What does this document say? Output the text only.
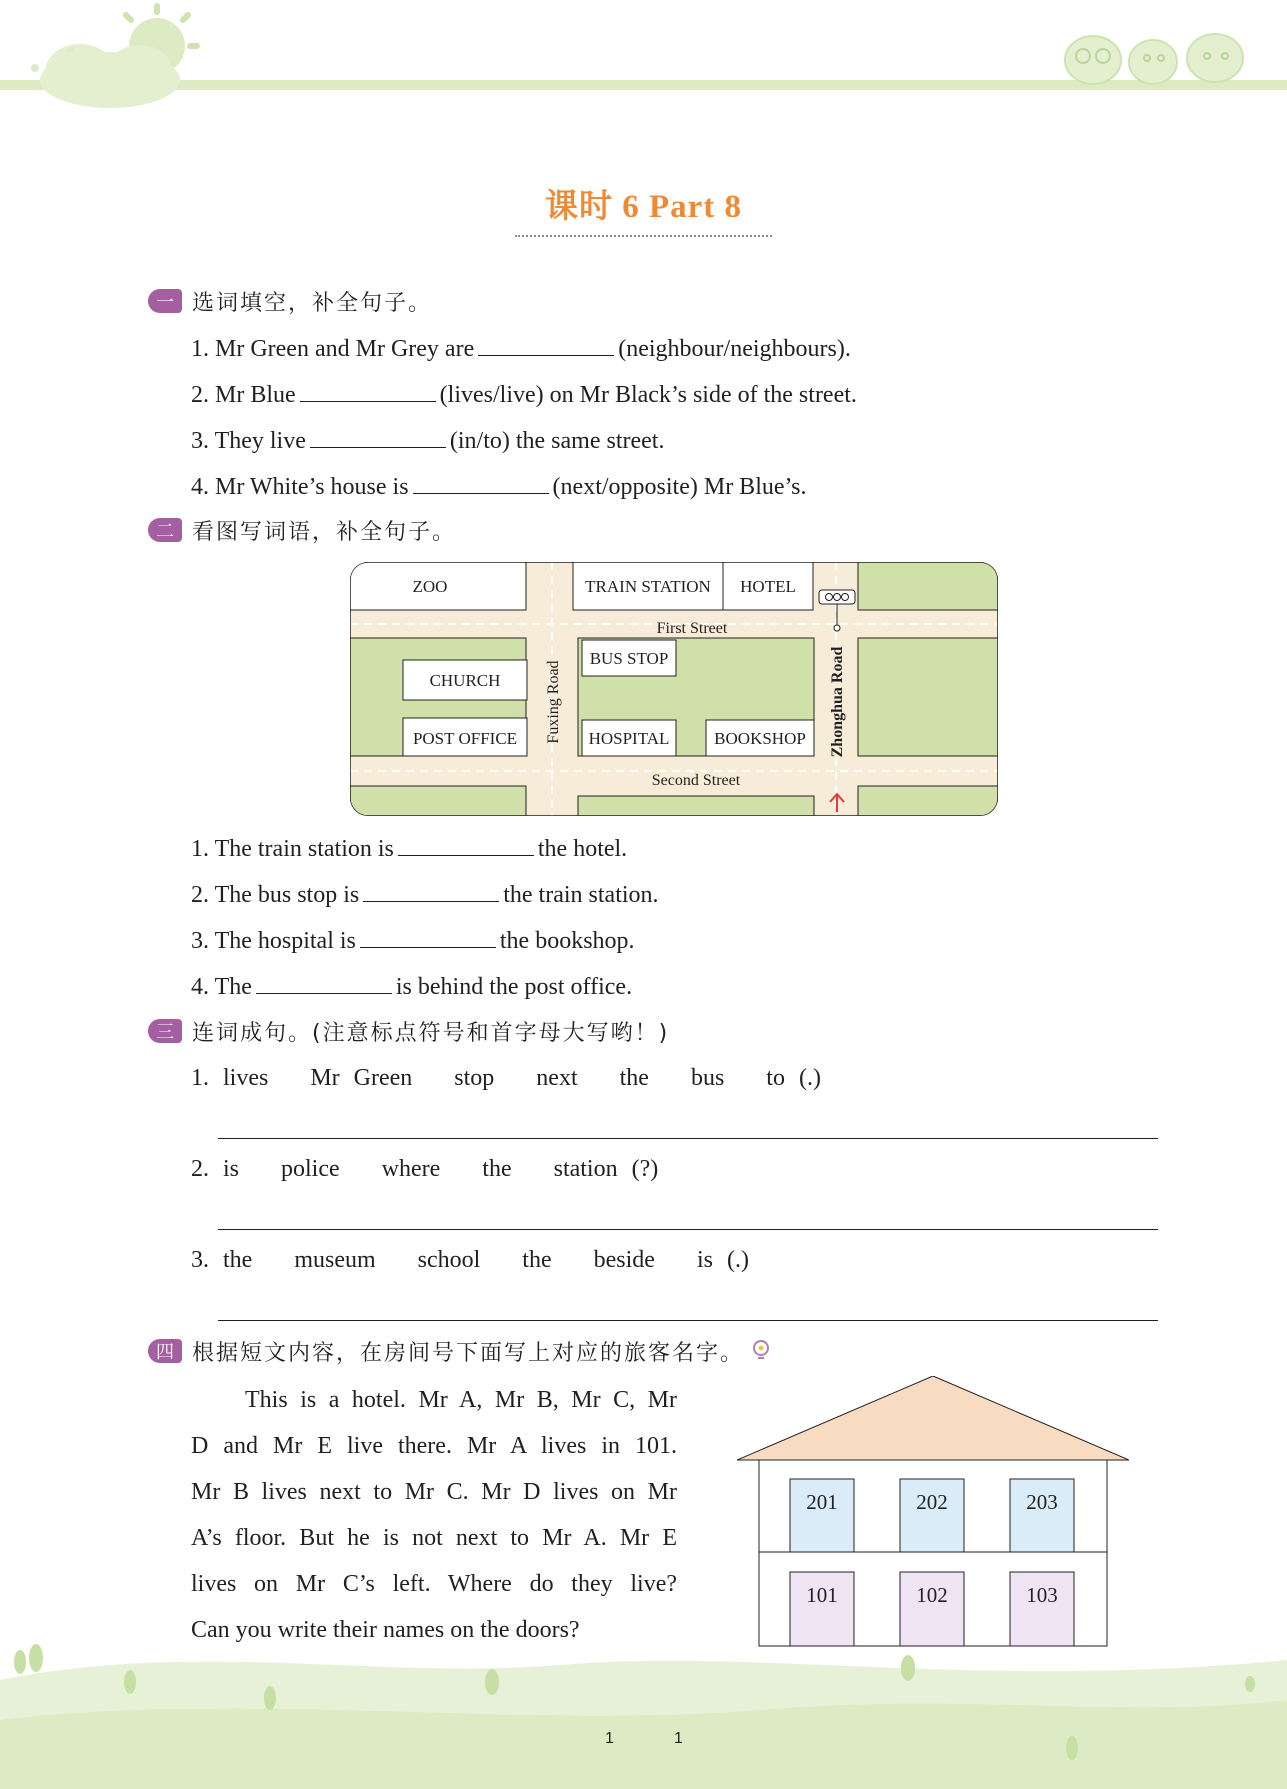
课时 6 Part 8
一 选词填空，补全句子。
1. Mr Green and Mr Grey are	(neighbour/neighbours).
2. Mr Blue	(lives/live) on Mr Black’s side of the street.
3. They live	(in/to) the same street.
4. Mr White’s house is	(next/opposite) Mr Blue’s.
二 看图写词语，补全句子。
ZOO	TRAIN STATION HOTEL
First Street
CHURCH
BUS STOP
POST OFFICE	HOSPITAL	BOOKSHOP
Second Street
Fuxing Road	Zhonghua Road
1. The train station is	the hotel.
2. The bus stop is	the train station.
3. The hospital is	the bookshop.
4. The	is behind the post office.
三 连词成句。(注意标点符号和首字母大写哟！)
1. lives   Mr Green   stop   next   the   bus   to (.)
2. is   police   where   the   station (?)
3. the   museum   school   the   beside   is (.)
四 根据短文内容，在房间号下面写上对应的旅客名字。
This is a hotel. Mr A, Mr B, Mr C, Mr
D and Mr E live there. Mr A lives in 101.
Mr B lives next to Mr C. Mr D lives on Mr
A’s floor. But he is not next to Mr A. Mr E
lives on Mr C’s left. Where do they live?
Can you write their names on the doors?
201	202	203
101	102	103
1	1
